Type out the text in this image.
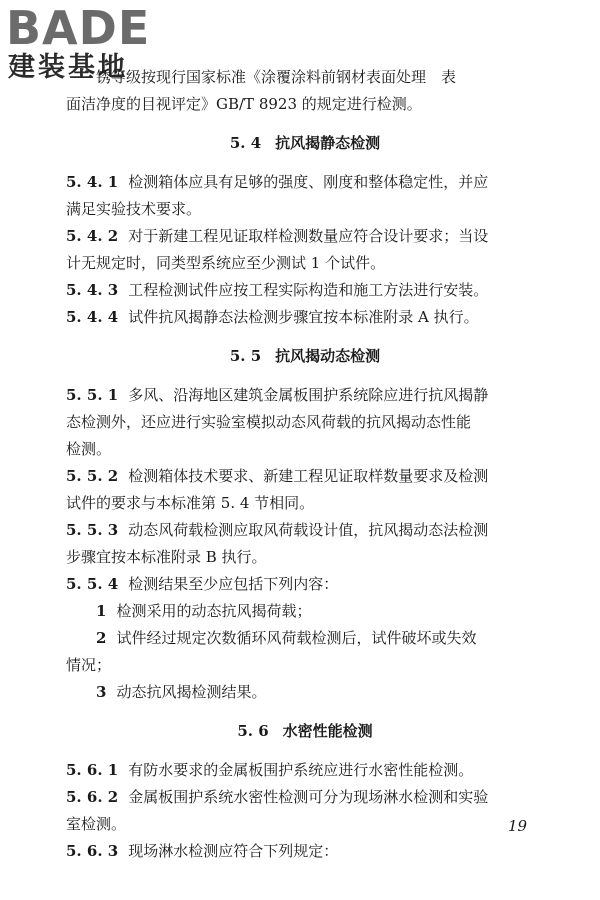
BADE
建装基地
锈等级按现行国家标准《涂覆涂料前钢材表面处理　表
面洁净度的目视评定》GB/T 8923 的规定进行检测。
5. 4 抗风揭静态检测
5. 4. 1 检测箱体应具有足够的强度、刚度和整体稳定性，并应
满足实验技术要求。
5. 4. 2 对于新建工程见证取样检测数量应符合设计要求；当设
计无规定时，同类型系统应至少测试 1 个试件。
5. 4. 3 工程检测试件应按工程实际构造和施工方法进行安装。
5. 4. 4 试件抗风揭静态法检测步骤宜按本标准附录 A 执行。
5. 5 抗风揭动态检测
5. 5. 1 多风、沿海地区建筑金属板围护系统除应进行抗风揭静
态检测外，还应进行实验室模拟动态风荷载的抗风揭动态性能
检测。
5. 5. 2 检测箱体技术要求、新建工程见证取样数量要求及检测
试件的要求与本标准第 5. 4 节相同。
5. 5. 3 动态风荷载检测应取风荷载设计值，抗风揭动态法检测
步骤宜按本标准附录 B 执行。
5. 5. 4 检测结果至少应包括下列内容：
1 检测采用的动态抗风揭荷载；
2 试件经过规定次数循环风荷载检测后，试件破坏或失效
情况；
3 动态抗风揭检测结果。
5. 6 水密性能检测
5. 6. 1 有防水要求的金属板围护系统应进行水密性能检测。
5. 6. 2 金属板围护系统水密性检测可分为现场淋水检测和实验
室检测。
5. 6. 3 现场淋水检测应符合下列规定：
19
